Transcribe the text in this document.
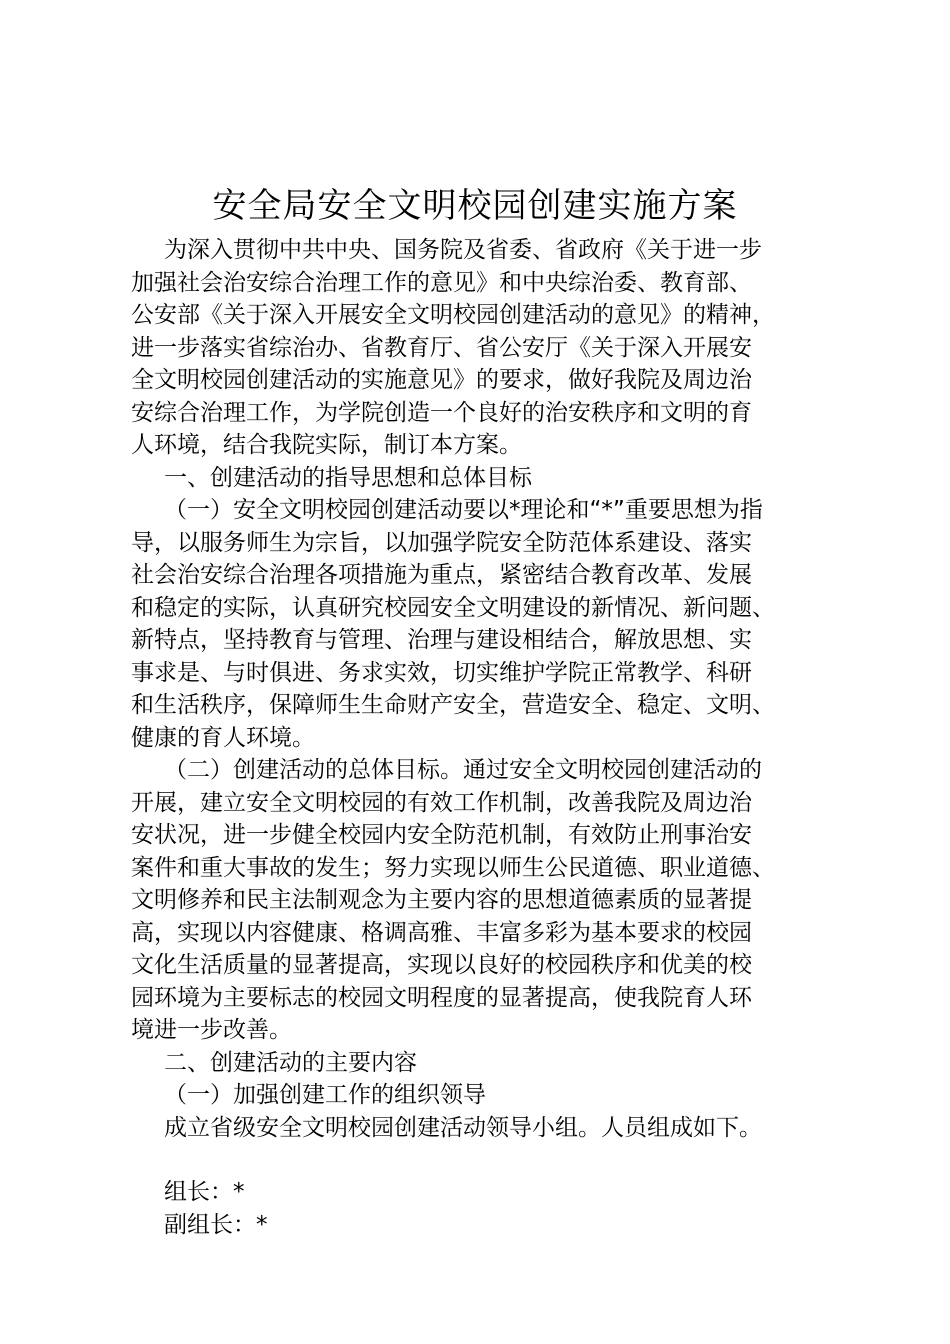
安全局安全文明校园创建实施方案

为深入贯彻中共中央、国务院及省委、省政府《关于进一步

加强社会治安综合治理工作的意见》和中央综治委、教育部、

公安部《关于深入开展安全文明校园创建活动的意见》的精神，

进一步落实省综治办、省教育厅、省公安厅《关于深入开展安

全文明校园创建活动的实施意见》的要求，做好我院及周边治

安综合治理工作，为学院创造一个良好的治安秩序和文明的育

人环境，结合我院实际，制订本方案。

一、创建活动的指导思想和总体目标

（一）安全文明校园创建活动要以*理论和“*”重要思想为指

导，以服务师生为宗旨，以加强学院安全防范体系建设、落实

社会治安综合治理各项措施为重点，紧密结合教育改革、发展

和稳定的实际，认真研究校园安全文明建设的新情况、新问题、

新特点，坚持教育与管理、治理与建设相结合，解放思想、实

事求是、与时俱进、务求实效，切实维护学院正常教学、科研

和生活秩序，保障师生生命财产安全，营造安全、稳定、文明、

健康的育人环境。

（二）创建活动的总体目标。通过安全文明校园创建活动的

开展，建立安全文明校园的有效工作机制，改善我院及周边治

安状况，进一步健全校园内安全防范机制，有效防止刑事治安

案件和重大事故的发生；努力实现以师生公民道德、职业道德、

文明修养和民主法制观念为主要内容的思想道德素质的显著提

高，实现以内容健康、格调高雅、丰富多彩为基本要求的校园

文化生活质量的显著提高，实现以良好的校园秩序和优美的校

园环境为主要标志的校园文明程度的显著提高，使我院育人环

境进一步改善。

二、创建活动的主要内容

（一）加强创建工作的组织领导

成立省级安全文明校园创建活动领导小组。人员组成如下。

组长：*

副组长：*
